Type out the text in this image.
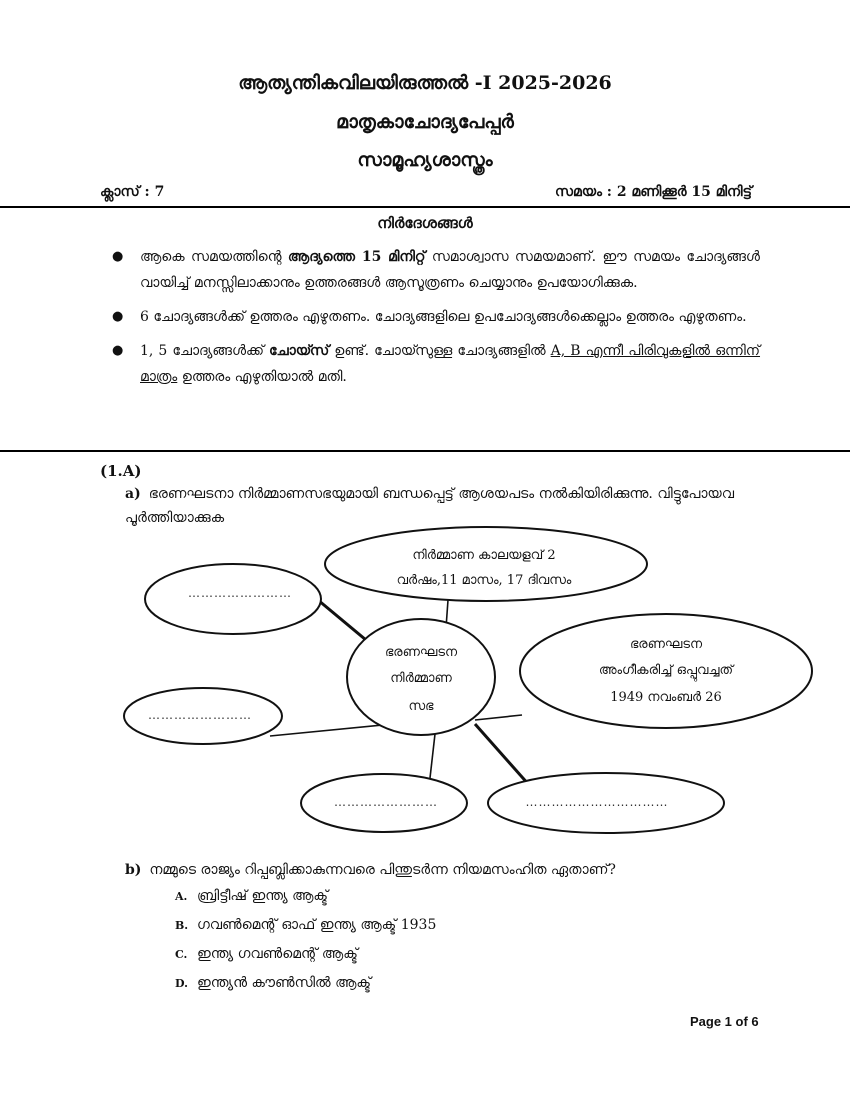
ആത്യന്തികവിലയിരുത്തൽ -I 2025-2026
മാതൃകാചോദ്യപേപ്പർ
സാമൂഹ്യശാസ്ത്രം
ക്ലാസ് : 7	സമയം : 2 മണിക്കൂർ 15 മിനിട്ട്
നിർദേശങ്ങൾ
● ആകെ സമയത്തിന്റെ ആദ്യത്തെ 15 മിനിറ്റ് സമാശ്വാസ സമയമാണ്. ഈ സമയം ചോദ്യങ്ങൾ വായിച്ച് മനസ്സിലാക്കാനും ഉത്തരങ്ങൾ ആസൂത്രണം ചെയ്യാനും ഉപയോഗിക്കുക.
● 6 ചോദ്യങ്ങൾക്ക് ഉത്തരം എഴുതണം. ചോദ്യങ്ങളിലെ ഉപചോദ്യങ്ങൾക്കെല്ലാം ഉത്തരം എഴുതണം.
● 1, 5 ചോദ്യങ്ങൾക്ക് ചോയ്സ് ഉണ്ട്. ചോയ്സുള്ള ചോദ്യങ്ങളിൽ A, B എന്നീ പിരിവുകളിൽ ഒന്നിന് മാത്രം ഉത്തരം എഴുതിയാൽ മതി.
(1.A)
a) ഭരണഘടനാ നിർമ്മാണസഭയുമായി ബന്ധപ്പെട്ട് ആശയപടം നൽകിയിരിക്കുന്നു. വിട്ടുപോയവ പൂർത്തിയാക്കുക
ഭരണഘടന
നിർമ്മാണ
സഭ
നിർമ്മാണ കാലയളവ് 2
വർഷം,11 മാസം, 17 ദിവസം
ഭരണഘടന
അംഗീകരിച്ച് ഒപ്പുവച്ചത്
1949 നവംബർ 26
……………………
……………………
……………………	……………………………
b) നമ്മുടെ രാജ്യം റിപ്പബ്ലിക്കാകുന്നവരെ പിന്തുടർന്ന നിയമസംഹിത ഏതാണ്?
A. ബ്രിട്ടീഷ് ഇന്ത്യ ആക്ട്
B. ഗവൺമെന്റ് ഓഫ് ഇന്ത്യ ആക്ട് 1935
C. ഇന്ത്യ ഗവൺമെന്റ് ആക്ട്
D. ഇന്ത്യൻ കൗൺസിൽ ആക്ട്
Page 1 of 6
